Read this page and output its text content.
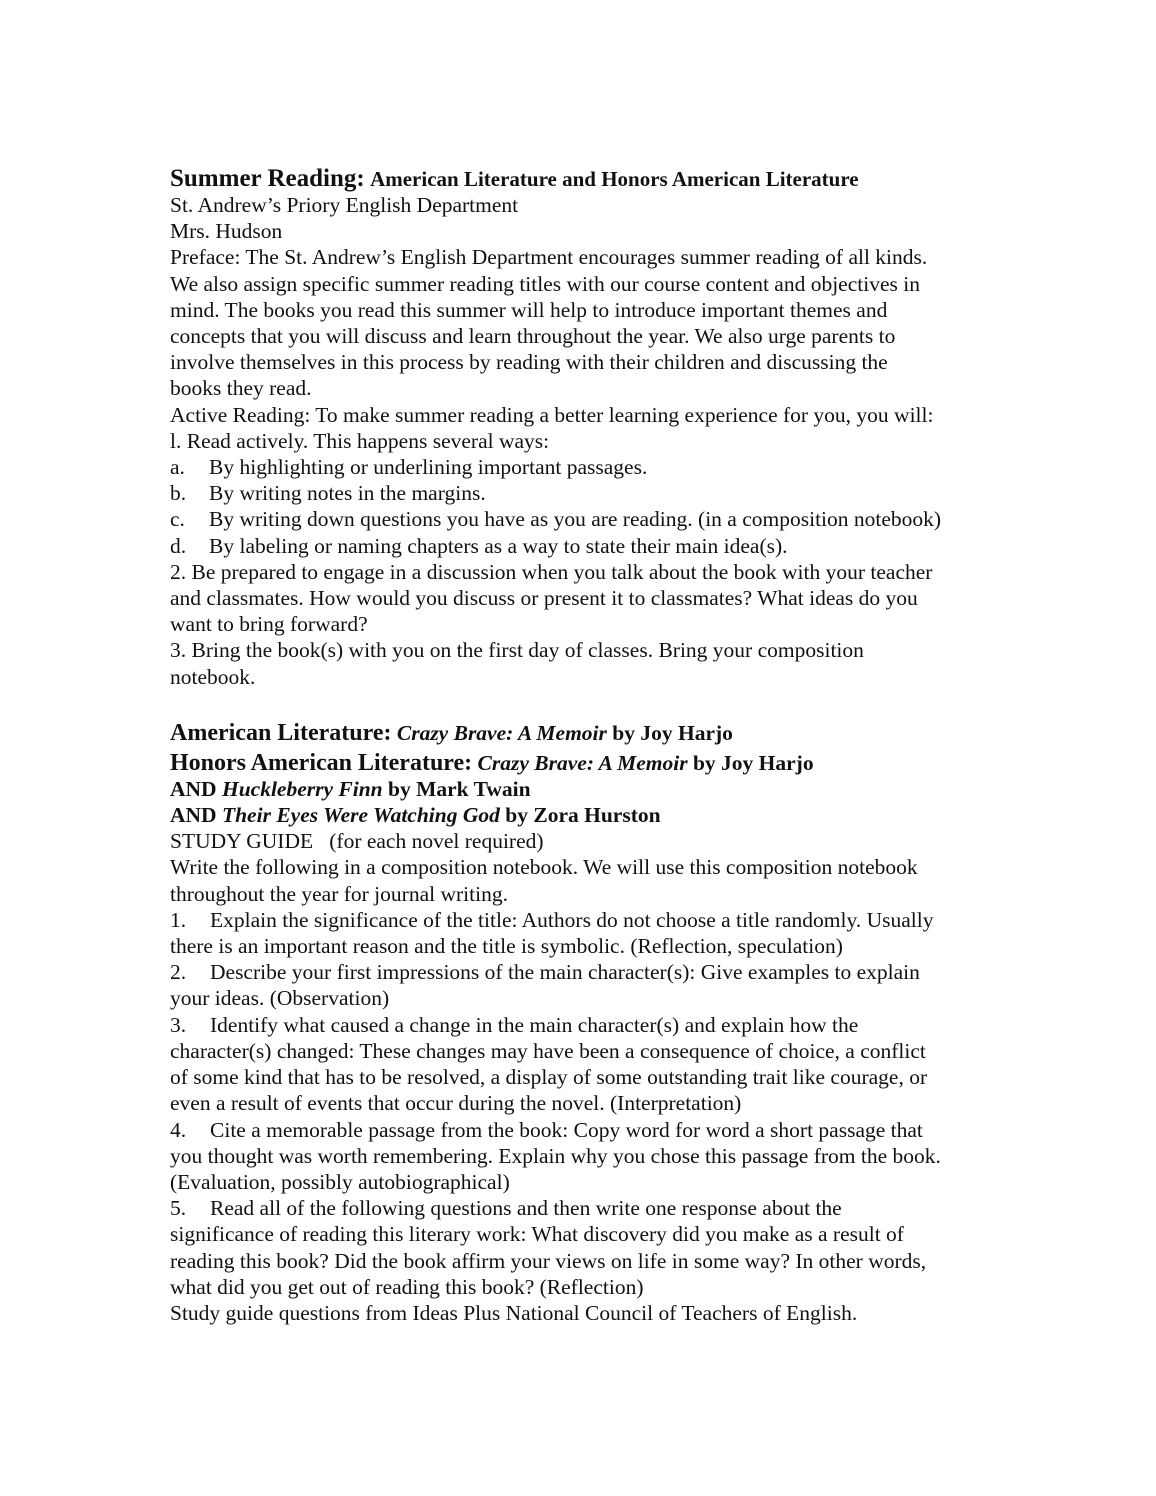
Summer Reading: American Literature and Honors American Literature
St. Andrew’s Priory English Department
Mrs. Hudson
Preface: The St. Andrew’s English Department encourages summer reading of all kinds.
We also assign specific summer reading titles with our course content and objectives in
mind. The books you read this summer will help to introduce important themes and
concepts that you will discuss and learn throughout the year. We also urge parents to
involve themselves in this process by reading with their children and discussing the
books they read.
Active Reading: To make summer reading a better learning experience for you, you will:
l. Read actively. This happens several ways:
a. By highlighting or underlining important passages.
b. By writing notes in the margins.
c. By writing down questions you have as you are reading. (in a composition notebook)
d. By labeling or naming chapters as a way to state their main idea(s).
2. Be prepared to engage in a discussion when you talk about the book with your teacher
and classmates. How would you discuss or present it to classmates? What ideas do you
want to bring forward?
3. Bring the book(s) with you on the first day of classes. Bring your composition
notebook.
American Literature: Crazy Brave: A Memoir by Joy Harjo
Honors American Literature: Crazy Brave: A Memoir by Joy Harjo
AND Huckleberry Finn by Mark Twain
AND Their Eyes Were Watching God by Zora Hurston
STUDY GUIDE   (for each novel required)
Write the following in a composition notebook. We will use this composition notebook
throughout the year for journal writing.
1. Explain the significance of the title: Authors do not choose a title randomly. Usually
there is an important reason and the title is symbolic. (Reflection, speculation)
2. Describe your first impressions of the main character(s): Give examples to explain
your ideas. (Observation)
3. Identify what caused a change in the main character(s) and explain how the
character(s) changed: These changes may have been a consequence of choice, a conflict
of some kind that has to be resolved, a display of some outstanding trait like courage, or
even a result of events that occur during the novel. (Interpretation)
4. Cite a memorable passage from the book: Copy word for word a short passage that
you thought was worth remembering. Explain why you chose this passage from the book.
(Evaluation, possibly autobiographical)
5. Read all of the following questions and then write one response about the
significance of reading this literary work: What discovery did you make as a result of
reading this book? Did the book affirm your views on life in some way? In other words,
what did you get out of reading this book? (Reflection)
Study guide questions from Ideas Plus National Council of Teachers of English.
